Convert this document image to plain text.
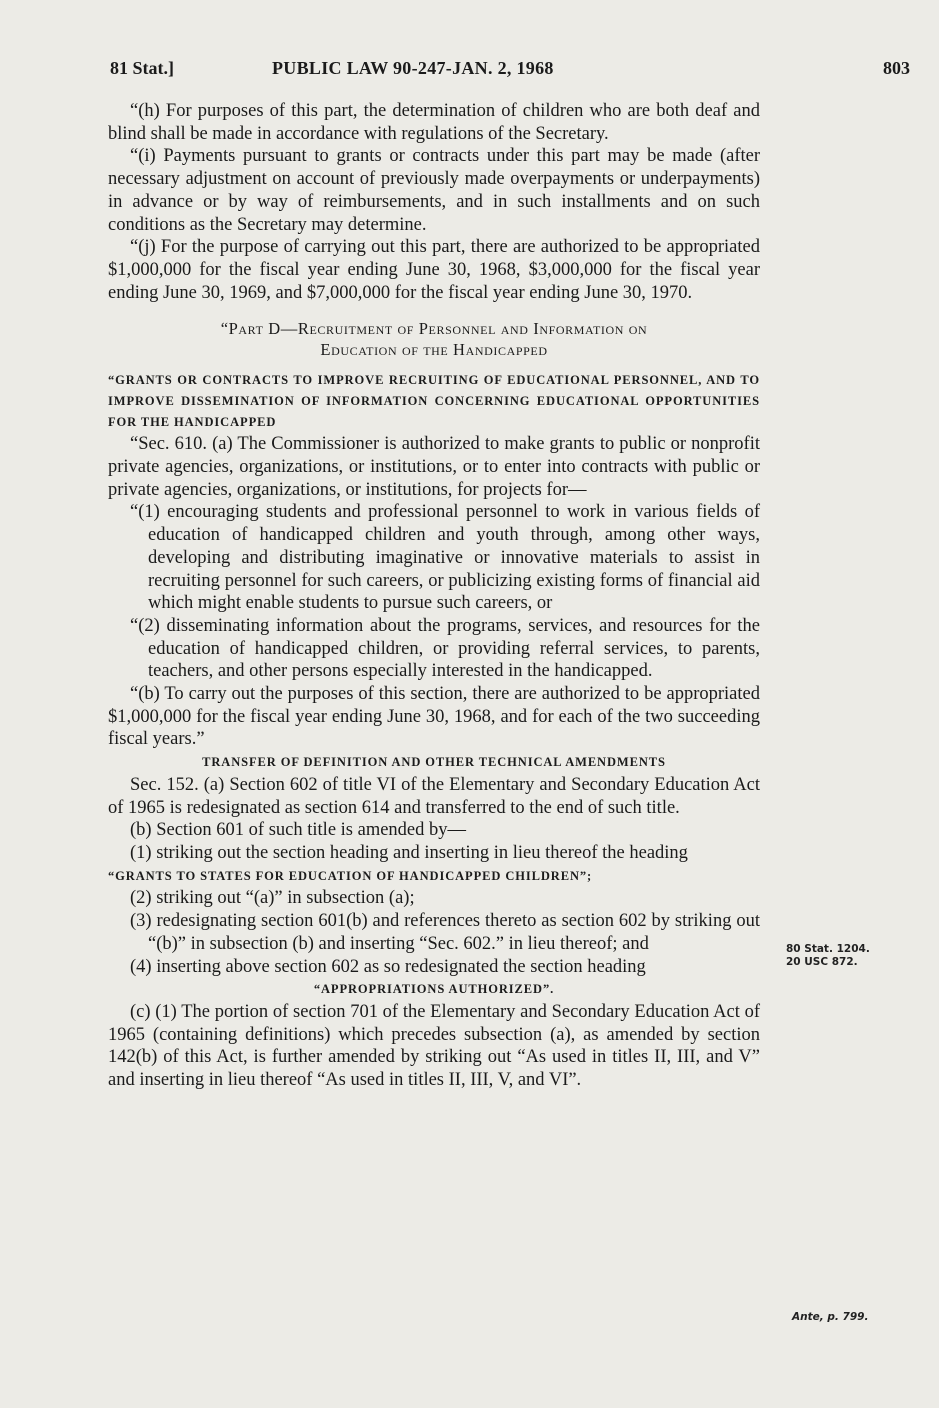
81 Stat.]	PUBLIC LAW 90-247-JAN. 2, 1968	803

“(h) For purposes of this part, the determination of children who are both deaf and blind shall be made in accordance with regulations of the Secretary.

“(i) Payments pursuant to grants or contracts under this part may be made (after necessary adjustment on account of previously made overpayments or underpayments) in advance or by way of reimbursements, and in such installments and on such conditions as the Secretary may determine.

“(j) For the purpose of carrying out this part, there are authorized to be appropriated $1,000,000 for the fiscal year ending June 30, 1968, $3,000,000 for the fiscal year ending June 30, 1969, and $7,000,000 for the fiscal year ending June 30, 1970.

“Part D—Recruitment of Personnel and Information on
Education of the Handicapped

“GRANTS OR CONTRACTS TO IMPROVE RECRUITING OF EDUCATIONAL PERSONNEL, AND TO IMPROVE DISSEMINATION OF INFORMATION CONCERNING EDUCATIONAL OPPORTUNITIES FOR THE HANDICAPPED

“Sec. 610. (a) The Commissioner is authorized to make grants to public or nonprofit private agencies, organizations, or institutions, or to enter into contracts with public or private agencies, organizations, or institutions, for projects for—

“(1) encouraging students and professional personnel to work in various fields of education of handicapped children and youth through, among other ways, developing and distributing imaginative or innovative materials to assist in recruiting personnel for such careers, or publicizing existing forms of financial aid which might enable students to pursue such careers, or

“(2) disseminating information about the programs, services, and resources for the education of handicapped children, or providing referral services, to parents, teachers, and other persons especially interested in the handicapped.

“(b) To carry out the purposes of this section, there are authorized to be appropriated $1,000,000 for the fiscal year ending June 30, 1968, and for each of the two succeeding fiscal years.”

TRANSFER OF DEFINITION AND OTHER TECHNICAL AMENDMENTS

Sec. 152. (a) Section 602 of title VI of the Elementary and Secondary Education Act of 1965 is redesignated as section 614 and transferred to the end of such title.

(b) Section 601 of such title is amended by—

(1) striking out the section heading and inserting in lieu thereof the heading

“GRANTS TO STATES FOR EDUCATION OF HANDICAPPED CHILDREN”;

(2) striking out “(a)” in subsection (a);

(3) redesignating section 601(b) and references thereto as section 602 by striking out “(b)” in subsection (b) and inserting “Sec. 602.” in lieu thereof; and

(4) inserting above section 602 as so redesignated the section heading

“APPROPRIATIONS AUTHORIZED”.

(c) (1) The portion of section 701 of the Elementary and Secondary Education Act of 1965 (containing definitions) which precedes subsection (a), as amended by section 142(b) of this Act, is further amended by striking out “As used in titles II, III, and V” and inserting in lieu thereof “As used in titles II, III, V, and VI”.

80 Stat. 1204.
20 USC 872.
Ante, p. 799.
